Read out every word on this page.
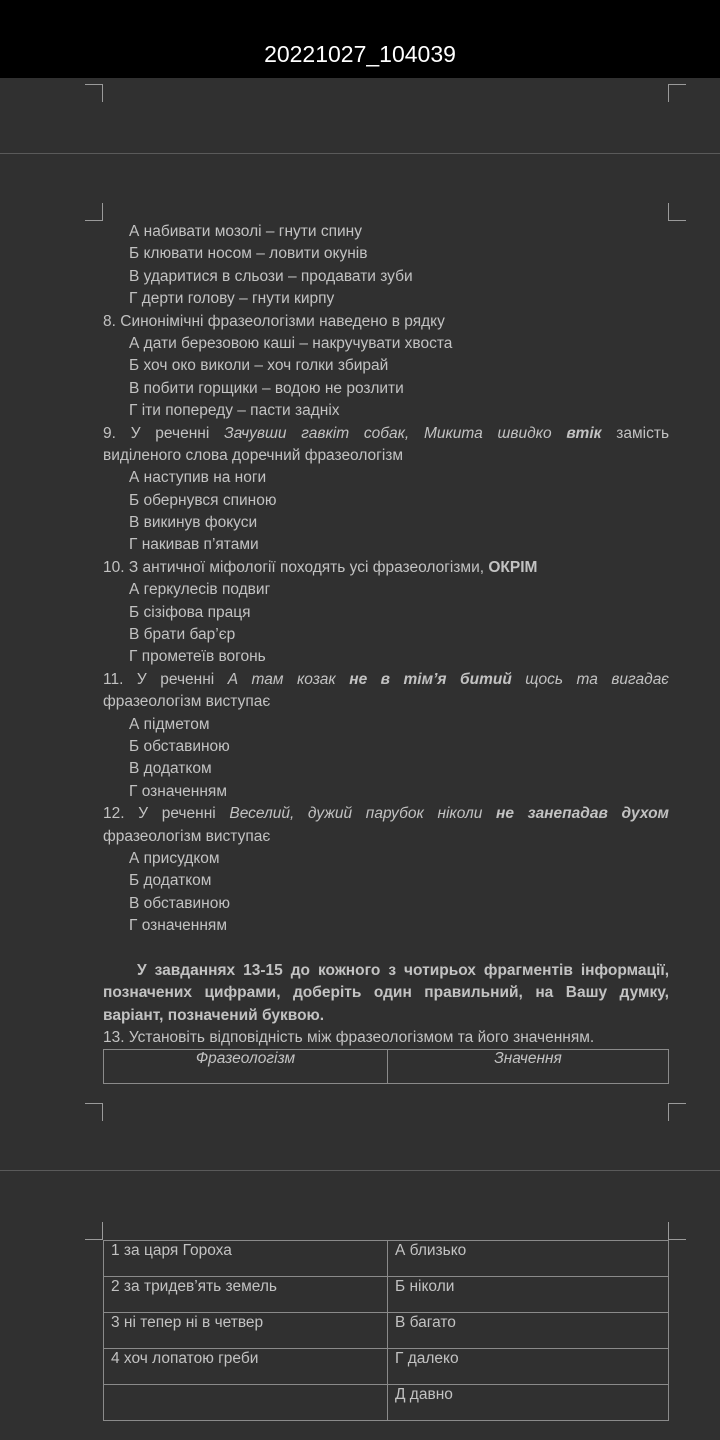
20221027_104039
А набивати мозолі – гнути спину
Б клювати носом – ловити окунів
В ударитися в сльози – продавати зуби
Г дерти голову – гнути кирпу
8. Синонімічні фразеологізми наведено в рядку
А дати березовою каші – накручувати хвоста
Б хоч око виколи – хоч голки збирай
В побити горщики – водою не розлити
Г іти попереду – пасти задніх
9. У реченні Зачувши гавкіт собак, Микита швидко втік замість
виділеного слова доречний фразеологізм
А наступив на ноги
Б обернувся спиною
В викинув фокуси
Г накивав п’ятами
10. З античної міфології походять усі фразеологізми, ОКРІМ
А геркулесів подвиг
Б сізіфова праця
В брати бар’єр
Г прометеїв вогонь
11. У реченні А там козак не в тім’я битий щось та вигадає
фразеологізм виступає
А підметом
Б обставиною
В додатком
Г означенням
12. У реченні Веселий, дужий парубок ніколи не занепадав духом
фразеологізм виступає
А присудком
Б додатком
В обставиною
Г означенням
У завданнях 13-15 до кожного з чотирьох фрагментів інформації,
позначених цифрами, доберіть один правильний, на Вашу думку,
варіант, позначений буквою.
13. Установіть відповідність між фразеологізмом та його значенням.
Фразеологізм	Значення
1 за царя Гороха	А близько
2 за тридев’ять земель	Б ніколи
3 ні тепер ні в четвер	В багато
4 хоч лопатою греби	Г далеко
	Д давно
